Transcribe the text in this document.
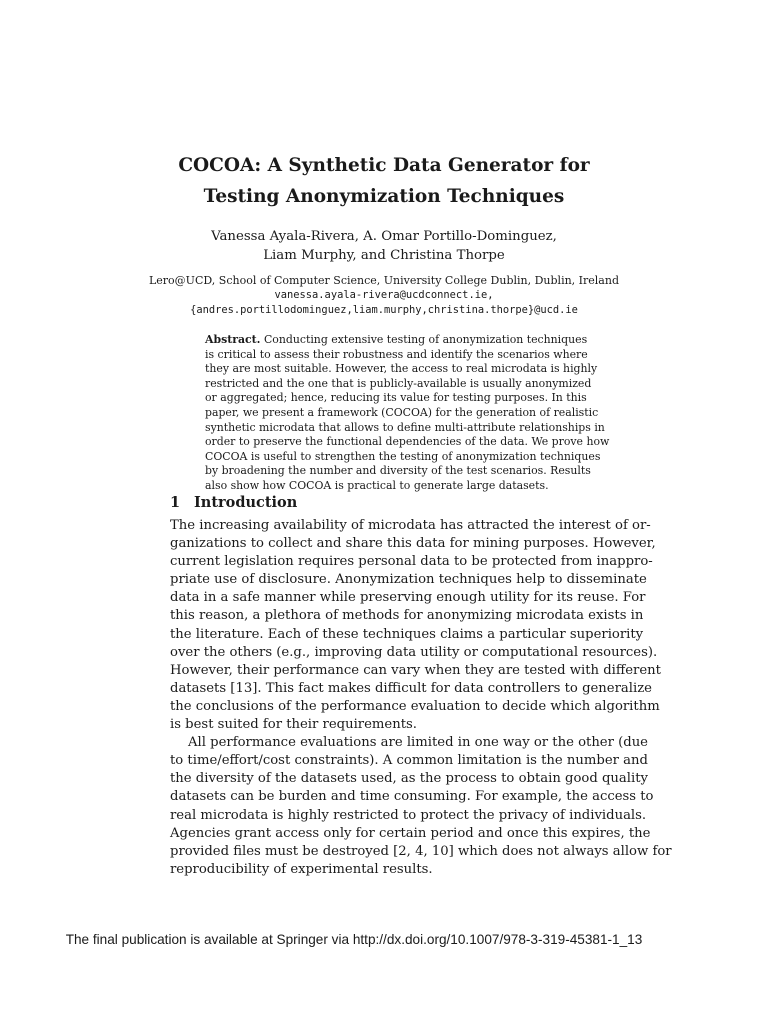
COCOA: A Synthetic Data Generator for
Testing Anonymization Techniques
Vanessa Ayala-Rivera, A. Omar Portillo-Dominguez,
Liam Murphy, and Christina Thorpe
Lero@UCD, School of Computer Science, University College Dublin, Dublin, Ireland
vanessa.ayala-rivera@ucdconnect.ie,
{andres.portillodominguez,liam.murphy,christina.thorpe}@ucd.ie
Abstract. Conducting extensive testing of anonymization techniques
is critical to assess their robustness and identify the scenarios where
they are most suitable. However, the access to real microdata is highly
restricted and the one that is publicly-available is usually anonymized
or aggregated; hence, reducing its value for testing purposes. In this
paper, we present a framework (COCOA) for the generation of realistic
synthetic microdata that allows to define multi-attribute relationships in
order to preserve the functional dependencies of the data. We prove how
COCOA is useful to strengthen the testing of anonymization techniques
by broadening the number and diversity of the test scenarios. Results
also show how COCOA is practical to generate large datasets.
1 Introduction
The increasing availability of microdata has attracted the interest of or-
ganizations to collect and share this data for mining purposes. However,
current legislation requires personal data to be protected from inappro-
priate use of disclosure. Anonymization techniques help to disseminate
data in a safe manner while preserving enough utility for its reuse. For
this reason, a plethora of methods for anonymizing microdata exists in
the literature. Each of these techniques claims a particular superiority
over the others (e.g., improving data utility or computational resources).
However, their performance can vary when they are tested with different
datasets [13]. This fact makes difficult for data controllers to generalize
the conclusions of the performance evaluation to decide which algorithm
is best suited for their requirements.
All performance evaluations are limited in one way or the other (due
to time/effort/cost constraints). A common limitation is the number and
the diversity of the datasets used, as the process to obtain good quality
datasets can be burden and time consuming. For example, the access to
real microdata is highly restricted to protect the privacy of individuals.
Agencies grant access only for certain period and once this expires, the
provided files must be destroyed [2, 4, 10] which does not always allow for
reproducibility of experimental results.
The final publication is available at Springer via http://dx.doi.org/10.1007/978-3-319-45381-1_13
